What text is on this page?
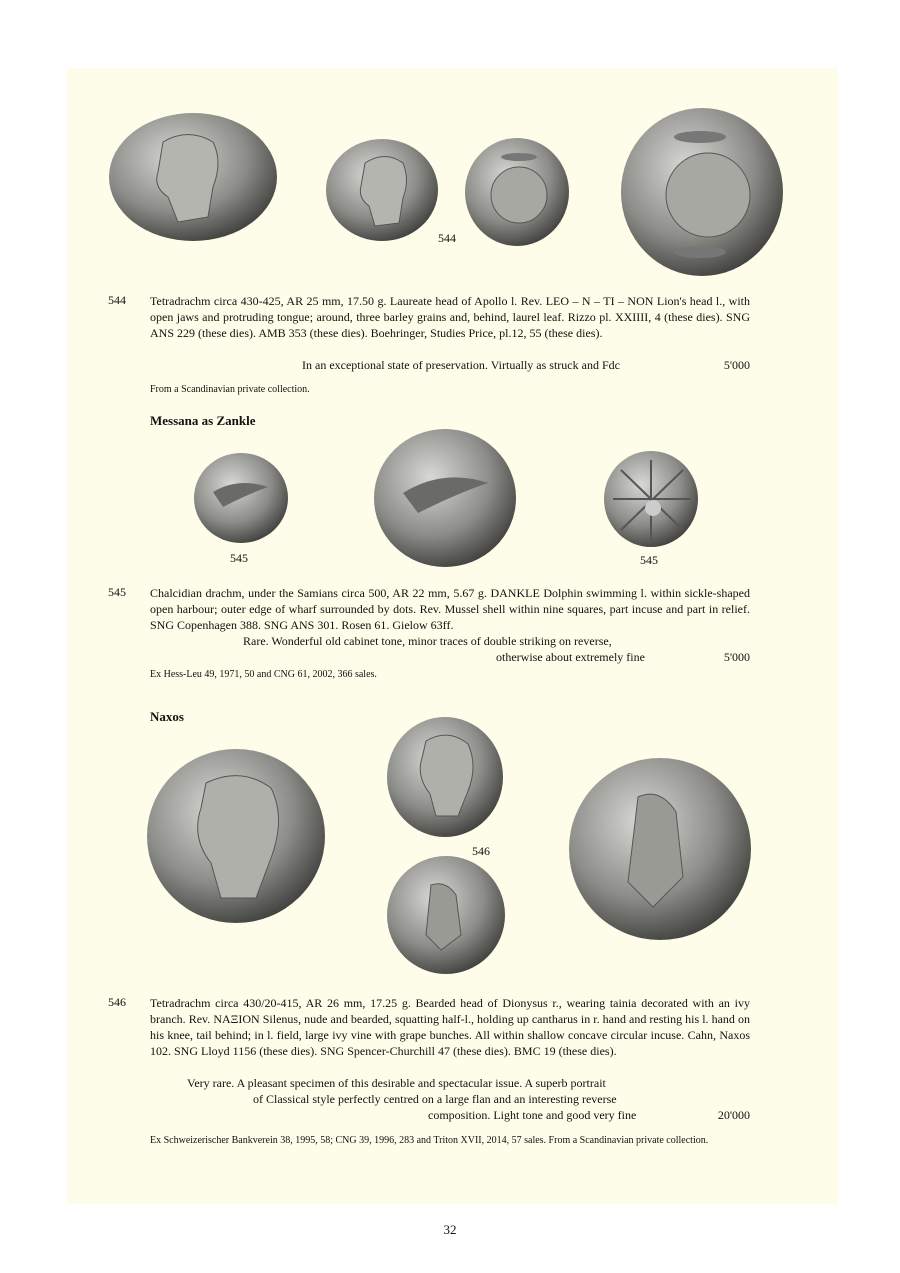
544
544 Tetradrachm circa 430-425, AR 25 mm, 17.50 g. Laureate head of Apollo l. Rev. LEO – N – TI – NON Lion's head l., with open jaws and protruding tongue; around, three barley grains and, behind, laurel leaf. Rizzo pl. XXIIII, 4 (these dies). SNG ANS 229 (these dies). AMB 353 (these dies). Boehringer, Studies Price, pl.12, 55 (these dies).
In an exceptional state of preservation. Virtually as struck and Fdc	5'000
From a Scandinavian private collection.
Messana as Zankle
545	545
545 Chalcidian drachm, under the Samians circa 500, AR 22 mm, 5.67 g. DANKLE Dolphin swimming l. within sickle-shaped open harbour; outer edge of wharf surrounded by dots. Rev. Mussel shell within nine squares, part incuse and part in relief. SNG Copenhagen 388. SNG ANS 301. Rosen 61. Gielow 63ff.
Rare. Wonderful old cabinet tone, minor traces of double striking on reverse,
otherwise about extremely fine	5'000
Ex Hess-Leu 49, 1971, 50 and CNG 61, 2002, 366 sales.
Naxos
546
546 Tetradrachm circa 430/20-415, AR 26 mm, 17.25 g. Bearded head of Dionysus r., wearing tainia decorated with an ivy branch. Rev. ΝΑΞΙΟΝ Silenus, nude and bearded, squatting half-l., holding up cantharus in r. hand and resting his l. hand on his knee, tail behind; in l. field, large ivy vine with grape bunches. All within shallow concave circular incuse. Cahn, Naxos 102. SNG Lloyd 1156 (these dies). SNG Spencer-Churchill 47 (these dies). BMC 19 (these dies).
Very rare. A pleasant specimen of this desirable and spectacular issue. A superb portrait
of Classical style perfectly centred on a large flan and an interesting reverse
composition. Light tone and good very fine	20'000
Ex Schweizerischer Bankverein 38, 1995, 58; CNG 39, 1996, 283 and Triton XVII, 2014, 57 sales. From a Scandinavian private collection.
32
